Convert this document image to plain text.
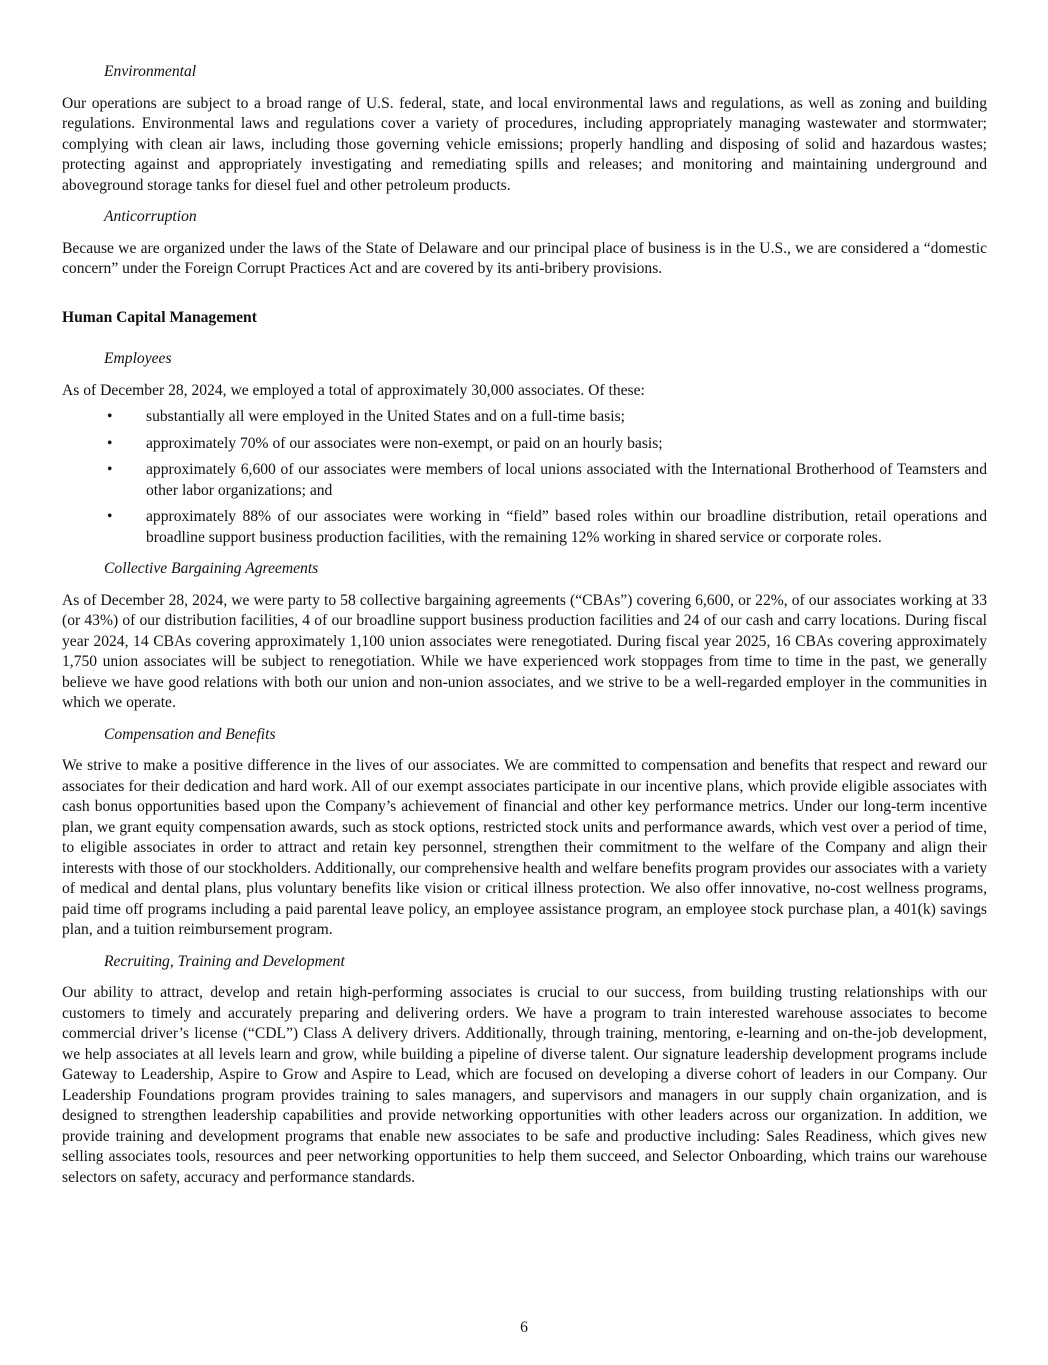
Environmental

Our operations are subject to a broad range of U.S. federal, state, and local environmental laws and regulations, as well as zoning and building regulations. Environmental laws and regulations cover a variety of procedures, including appropriately managing wastewater and stormwater; complying with clean air laws, including those governing vehicle emissions; properly handling and disposing of solid and hazardous wastes; protecting against and appropriately investigating and remediating spills and releases; and monitoring and maintaining underground and aboveground storage tanks for diesel fuel and other petroleum products.

Anticorruption

Because we are organized under the laws of the State of Delaware and our principal place of business is in the U.S., we are considered a “domestic concern” under the Foreign Corrupt Practices Act and are covered by its anti-bribery provisions.

Human Capital Management
Employees

As of December 28, 2024, we employed a total of approximately 30,000 associates. Of these:

•	substantially all were employed in the United States and on a full-time basis;
•	approximately 70% of our associates were non-exempt, or paid on an hourly basis;
•	approximately 6,600 of our associates were members of local unions associated with the International Brotherhood of Teamsters and other labor organizations; and
•	approximately 88% of our associates were working in “field” based roles within our broadline distribution, retail operations and broadline support business production facilities, with the remaining 12% working in shared service or corporate roles.
Collective Bargaining Agreements

As of December 28, 2024, we were party to 58 collective bargaining agreements (“CBAs”) covering 6,600, or 22%, of our associates working at 33 (or 43%) of our distribution facilities, 4 of our broadline support business production facilities and 24 of our cash and carry locations. During fiscal year 2024, 14 CBAs covering approximately 1,100 union associates were renegotiated. During fiscal year 2025, 16 CBAs covering approximately 1,750 union associates will be subject to renegotiation. While we have experienced work stoppages from time to time in the past, we generally believe we have good relations with both our union and non-union associates, and we strive to be a well-regarded employer in the communities in which we operate.

Compensation and Benefits

We strive to make a positive difference in the lives of our associates. We are committed to compensation and benefits that respect and reward our associates for their dedication and hard work. All of our exempt associates participate in our incentive plans, which provide eligible associates with cash bonus opportunities based upon the Company’s achievement of financial and other key performance metrics. Under our long-term incentive plan, we grant equity compensation awards, such as stock options, restricted stock units and performance awards, which vest over a period of time, to eligible associates in order to attract and retain key personnel, strengthen their commitment to the welfare of the Company and align their interests with those of our stockholders. Additionally, our comprehensive health and welfare benefits program provides our associates with a variety of medical and dental plans, plus voluntary benefits like vision or critical illness protection. We also offer innovative, no-cost wellness programs, paid time off programs including a paid parental leave policy, an employee assistance program, an employee stock purchase plan, a 401(k) savings plan, and a tuition reimbursement program.

Recruiting, Training and Development

Our ability to attract, develop and retain high-performing associates is crucial to our success, from building trusting relationships with our customers to timely and accurately preparing and delivering orders. We have a program to train interested warehouse associates to become commercial driver’s license (“CDL”) Class A delivery drivers. Additionally, through training, mentoring, e-learning and on-the-job development, we help associates at all levels learn and grow, while building a pipeline of diverse talent. Our signature leadership development programs include Gateway to Leadership, Aspire to Grow and Aspire to Lead, which are focused on developing a diverse cohort of leaders in our Company. Our Leadership Foundations program provides training to sales managers, and supervisors and managers in our supply chain organization, and is designed to strengthen leadership capabilities and provide networking opportunities with other leaders across our organization. In addition, we provide training and development programs that enable new associates to be safe and productive including: Sales Readiness, which gives new selling associates tools, resources and peer networking opportunities to help them succeed, and Selector Onboarding, which trains our warehouse selectors on safety, accuracy and performance standards.

6
